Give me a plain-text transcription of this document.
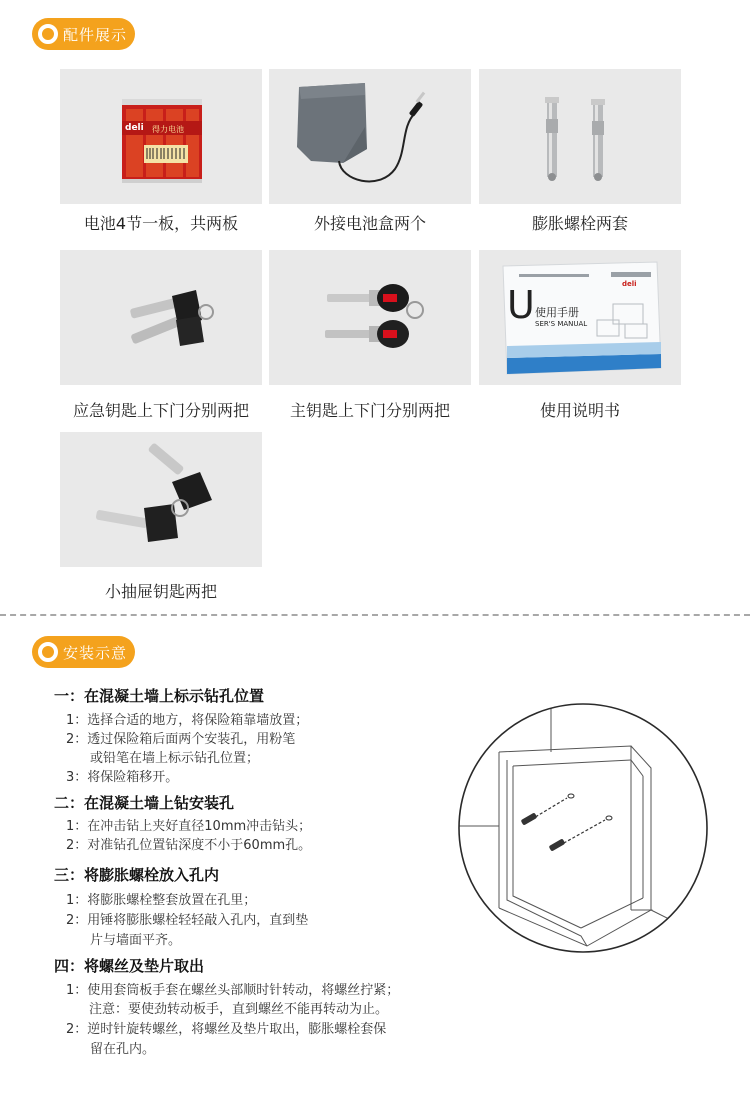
配件展示
deli 得力电池
电池4节一板，共两板	外接电池盒两个	膨胀螺栓两套
应急钥匙上下门分别两把	主钥匙上下门分别两把
U 使用手册
SER'S MANUAL
deli
使用说明书
小抽屉钥匙两把
安装示意
一：在混凝土墙上标示钻孔位置
1：选择合适的地方，将保险箱靠墙放置；
2：透过保险箱后面两个安装孔，用粉笔
或铅笔在墙上标示钻孔位置；
3：将保险箱移开。
二：在混凝土墙上钻安装孔
1：在冲击钻上夹好直径10mm冲击钻头；
2：对准钻孔位置钻深度不小于60mm孔。
三：将膨胀螺栓放入孔内
1：将膨胀螺栓整套放置在孔里；
2：用锤将膨胀螺栓轻轻敲入孔内，直到垫
片与墙面平齐。
四：将螺丝及垫片取出
1：使用套筒板手套在螺丝头部顺时针转动，将螺丝拧紧；
注意：要使劲转动板手，直到螺丝不能再转动为止。
2：逆时针旋转螺丝，将螺丝及垫片取出，膨胀螺栓套保
留在孔内。
